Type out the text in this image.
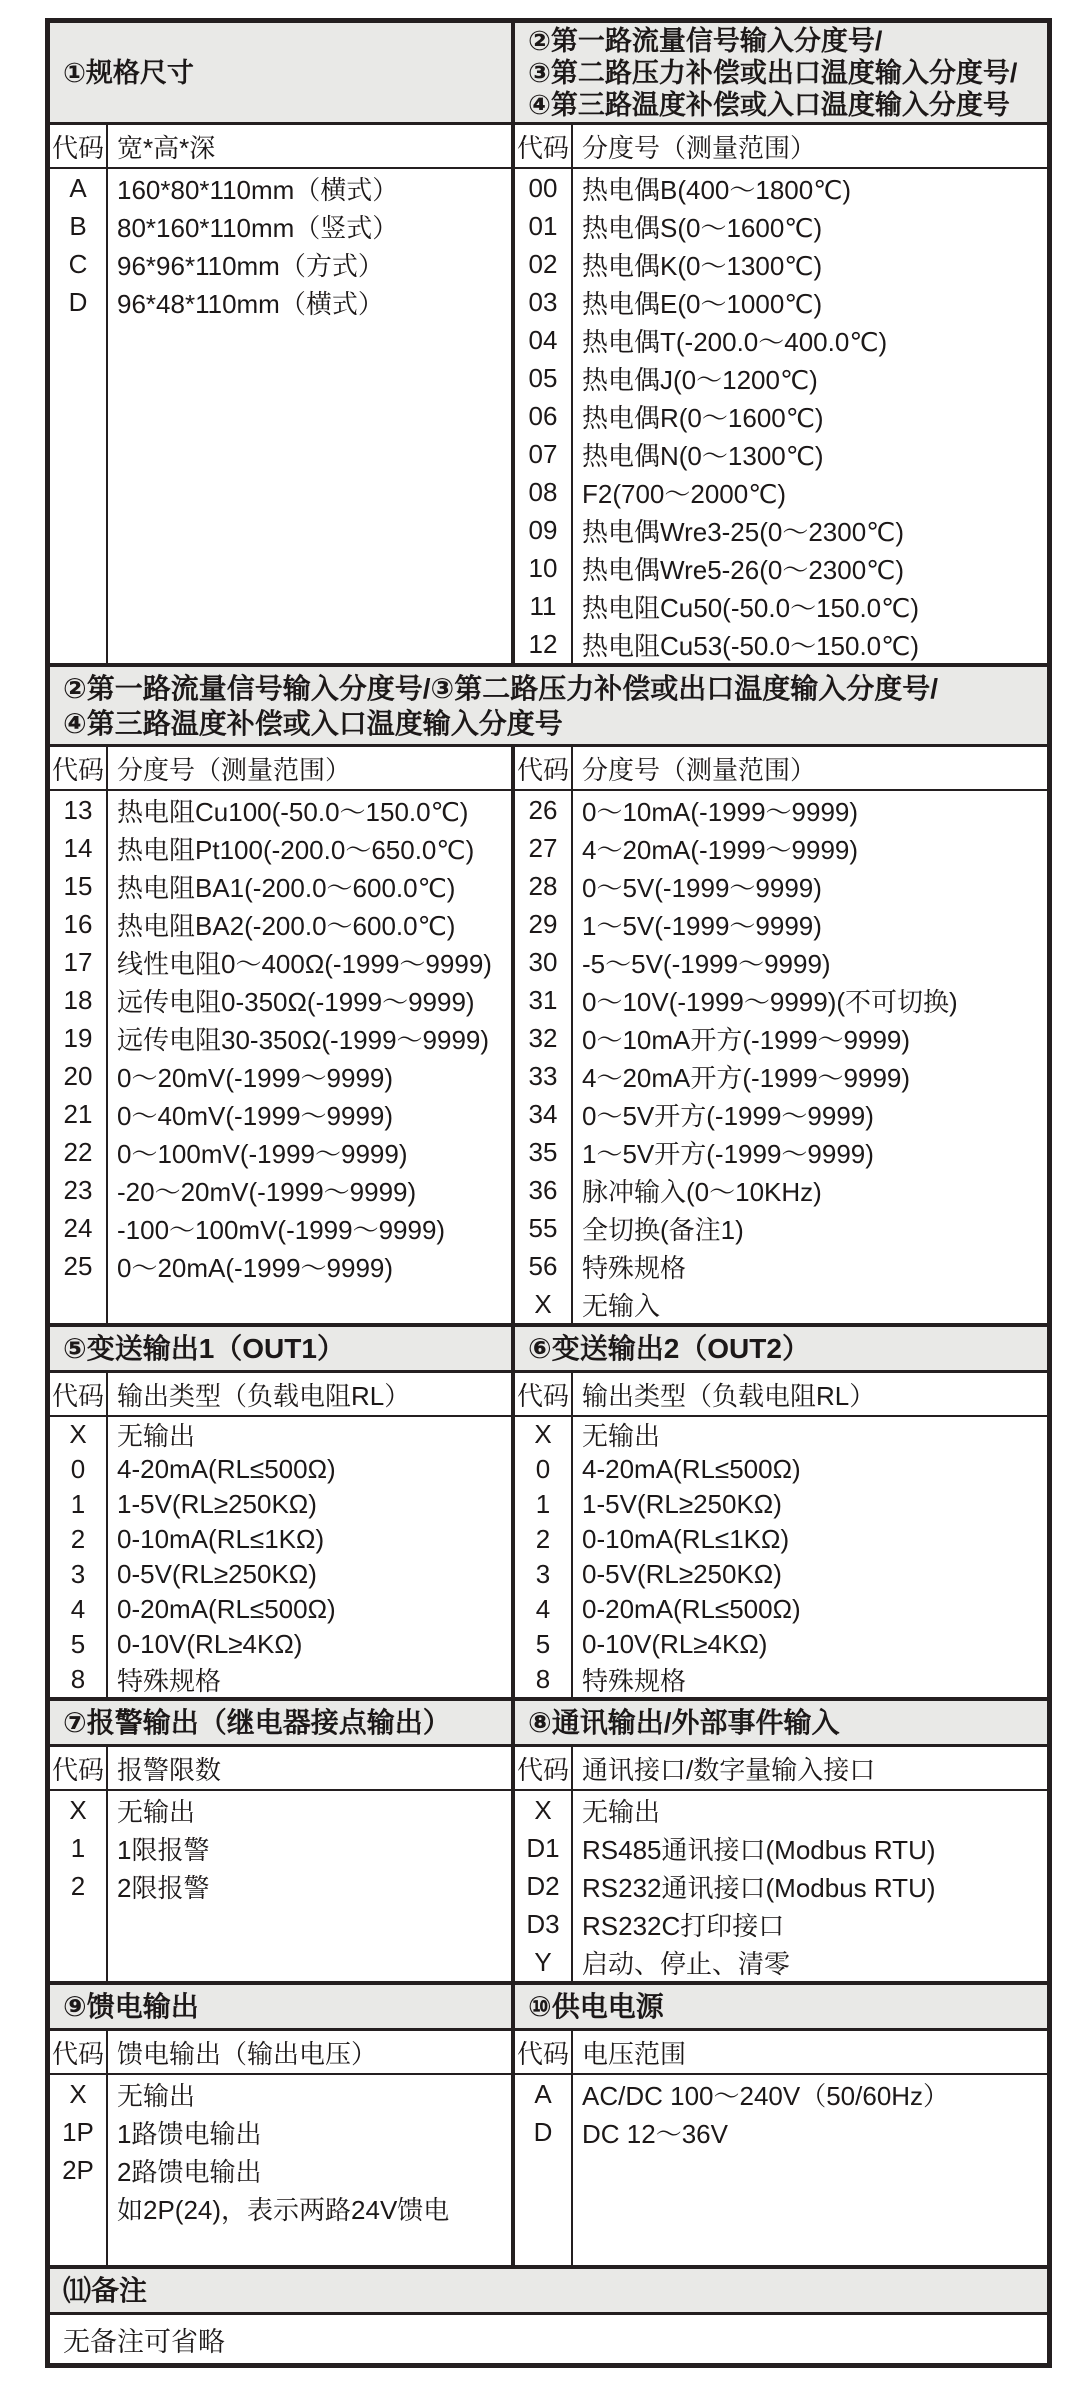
①规格尺寸
代码 宽*高*深
A
B
C
D
160*80*110mm（横式）
80*160*110mm（竖式）
96*96*110mm（方式）
96*48*110mm（横式）
②第一路流量信号输入分度号/
③第二路压力补偿或出口温度输入分度号/
④第三路温度补偿或入口温度输入分度号
代码 分度号（测量范围）
00
01
02
03
04
05
06
07
08
09
10
11
12
热电偶B(400～1800℃)
热电偶S(0～1600℃)
热电偶K(0～1300℃)
热电偶E(0～1000℃)
热电偶T(-200.0～400.0℃)
热电偶J(0～1200℃)
热电偶R(0～1600℃)
热电偶N(0～1300℃)
F2(700～2000℃)
热电偶Wre3-25(0～2300℃)
热电偶Wre5-26(0～2300℃)
热电阻Cu50(-50.0～150.0℃)
热电阻Cu53(-50.0～150.0℃)
②第一路流量信号输入分度号/③第二路压力补偿或出口温度输入分度号/
④第三路温度补偿或入口温度输入分度号
代码 分度号（测量范围）
13
14
15
16
17
18
19
20
21
22
23
24
25
热电阻Cu100(-50.0～150.0℃)
热电阻Pt100(-200.0～650.0℃)
热电阻BA1(-200.0～600.0℃)
热电阻BA2(-200.0～600.0℃)
线性电阻0～400Ω(-1999～9999)
远传电阻0-350Ω(-1999～9999)
远传电阻30-350Ω(-1999～9999)
0～20mV(-1999～9999)
0～40mV(-1999～9999)
0～100mV(-1999～9999)
-20～20mV(-1999～9999)
-100～100mV(-1999～9999)
0～20mA(-1999～9999)
代码 分度号（测量范围）
26
27
28
29
30
31
32
33
34
35
36
55
56
X
0～10mA(-1999～9999)
4～20mA(-1999～9999)
0～5V(-1999～9999)
1～5V(-1999～9999)
-5～5V(-1999～9999)
0～10V(-1999～9999)(不可切换)
0～10mA开方(-1999～9999)
4～20mA开方(-1999～9999)
0～5V开方(-1999～9999)
1～5V开方(-1999～9999)
脉冲输入(0～10KHz)
全切换(备注1)
特殊规格
无输入
⑤变送输出1（OUT1）
代码 输出类型（负载电阻RL）
X
0
1
2
3
4
5
8
无输出
4-20mA(RL≤500Ω)
1-5V(RL≥250KΩ)
0-10mA(RL≤1KΩ)
0-5V(RL≥250KΩ)
0-20mA(RL≤500Ω)
0-10V(RL≥4KΩ)
特殊规格
⑥变送输出2（OUT2）
代码 输出类型（负载电阻RL）
X
0
1
2
3
4
5
8
无输出
4-20mA(RL≤500Ω)
1-5V(RL≥250KΩ)
0-10mA(RL≤1KΩ)
0-5V(RL≥250KΩ)
0-20mA(RL≤500Ω)
0-10V(RL≥4KΩ)
特殊规格
⑦报警输出（继电器接点输出）
代码 报警限数
X
1
2
无输出
1限报警
2限报警
⑧通讯输出/外部事件输入
代码 通讯接口/数字量输入接口
X
D1
D2
D3
Y
无输出
RS485通讯接口(Modbus RTU)
RS232通讯接口(Modbus RTU)
RS232C打印接口
启动、停止、清零
⑨馈电输出
代码 馈电输出（输出电压）
X
1P
2P
无输出
1路馈电输出
2路馈电输出
如2P(24)，表示两路24V馈电
⑩供电电源
代码 电压范围
A
D
AC/DC 100～240V（50/60Hz）
DC 12～36V
⑾备注
无备注可省略
